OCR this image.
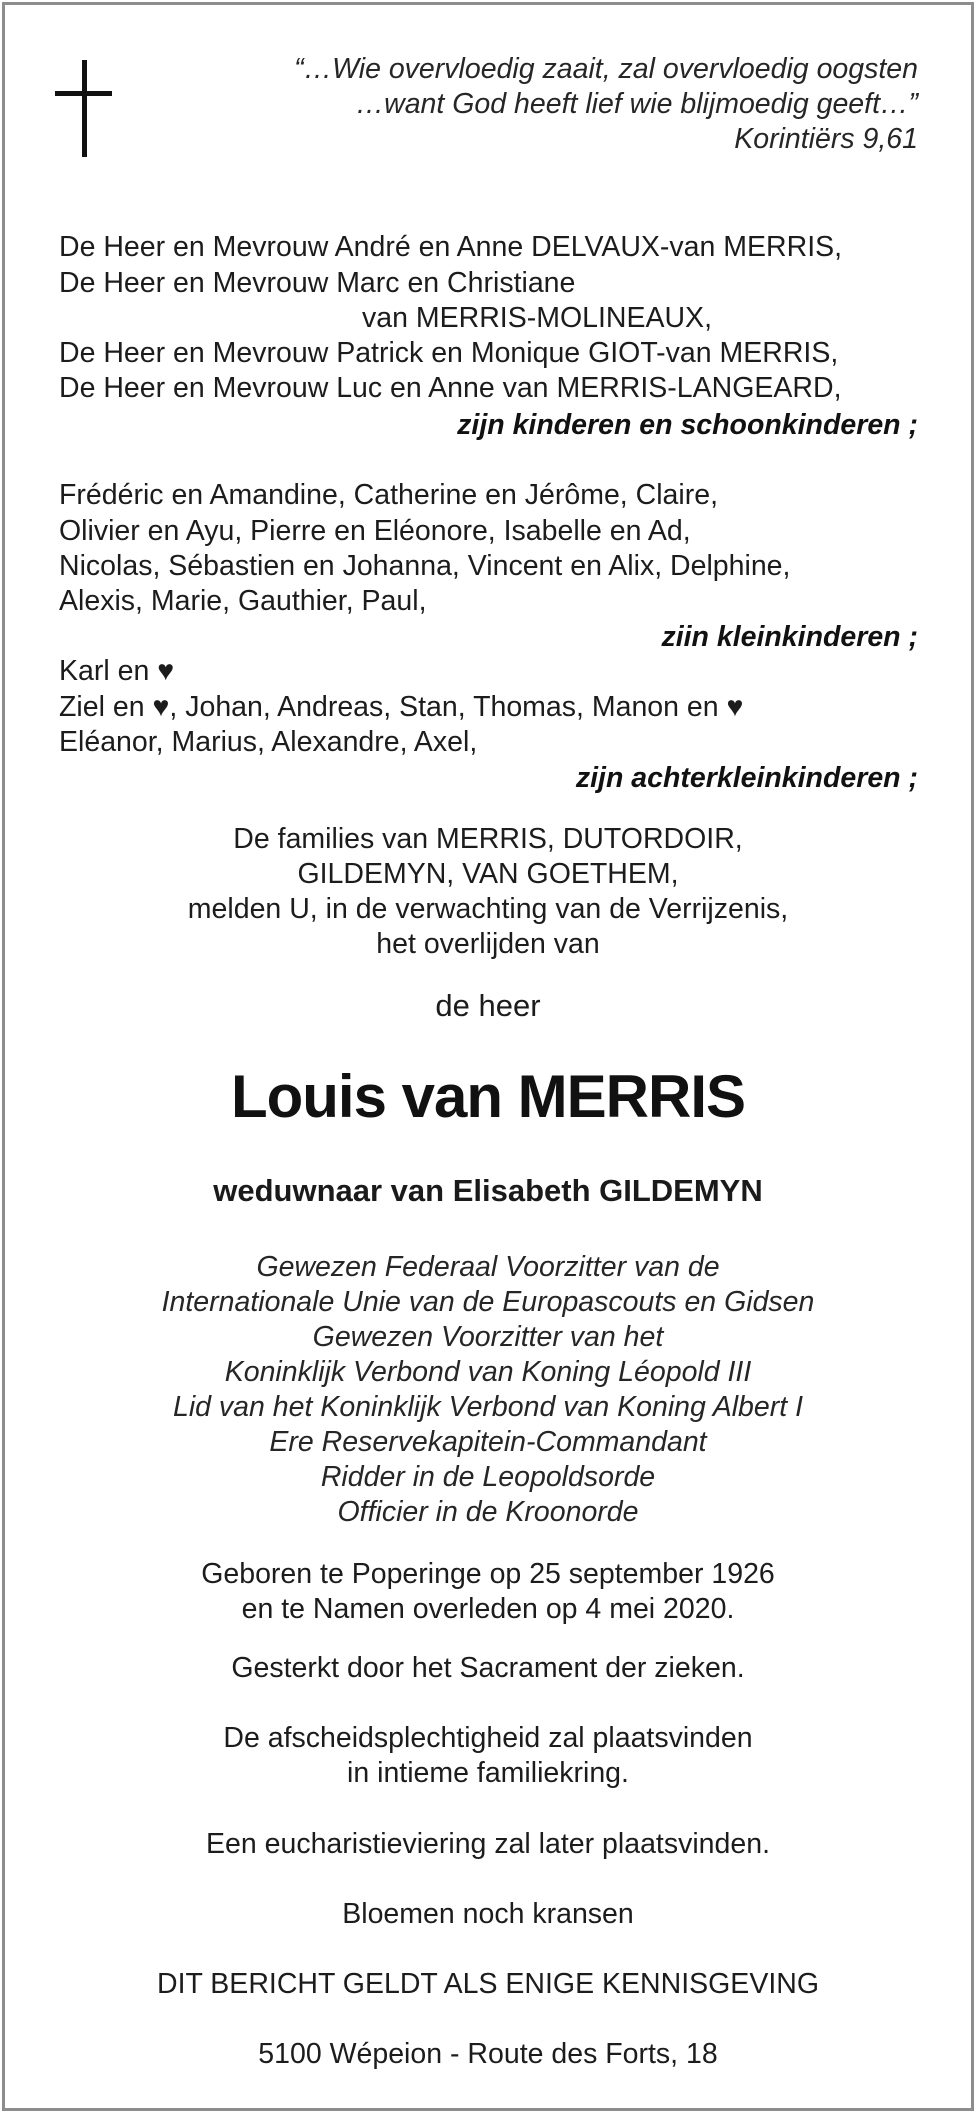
“…Wie overvloedig zaait, zal overvloedig oogsten
…want God heeft lief wie blijmoedig geeft…”
Korintiërs 9,61
De Heer en Mevrouw André en Anne DELVAUX-van MERRIS,
De Heer en Mevrouw Marc en Christiane
van MERRIS-MOLINEAUX,
De Heer en Mevrouw Patrick en Monique GIOT-van MERRIS,
De Heer en Mevrouw Luc en Anne van MERRIS-LANGEARD,
zijn kinderen en schoonkinderen ;
Frédéric en Amandine, Catherine en Jérôme, Claire,
Olivier en Ayu, Pierre en Eléonore, Isabelle en Ad,
Nicolas, Sébastien en Johanna, Vincent en Alix, Delphine,
Alexis, Marie, Gauthier, Paul,
ziin kleinkinderen ;
Karl en ♥
Ziel en ♥, Johan, Andreas, Stan, Thomas, Manon en ♥
Eléanor, Marius, Alexandre, Axel,
zijn achterkleinkinderen ;
De families van MERRIS, DUTORDOIR,
GILDEMYN, VAN GOETHEM,
melden U, in de verwachting van de Verrijzenis,
het overlijden van
de heer
Louis van MERRIS
weduwnaar van Elisabeth GILDEMYN
Gewezen Federaal Voorzitter van de
Internationale Unie van de Europascouts en Gidsen
Gewezen Voorzitter van het
Koninklijk Verbond van Koning Léopold III
Lid van het Koninklijk Verbond van Koning Albert I
Ere Reservekapitein-Commandant
Ridder in de Leopoldsorde
Officier in de Kroonorde
Geboren te Poperinge op 25 september 1926
en te Namen overleden op 4 mei 2020.
Gesterkt door het Sacrament der zieken.
De afscheidsplechtigheid zal plaatsvinden
in intieme familiekring.
Een eucharistieviering zal later plaatsvinden.
Bloemen noch kransen
DIT BERICHT GELDT ALS ENIGE KENNISGEVING
5100 Wépeion - Route des Forts, 18
